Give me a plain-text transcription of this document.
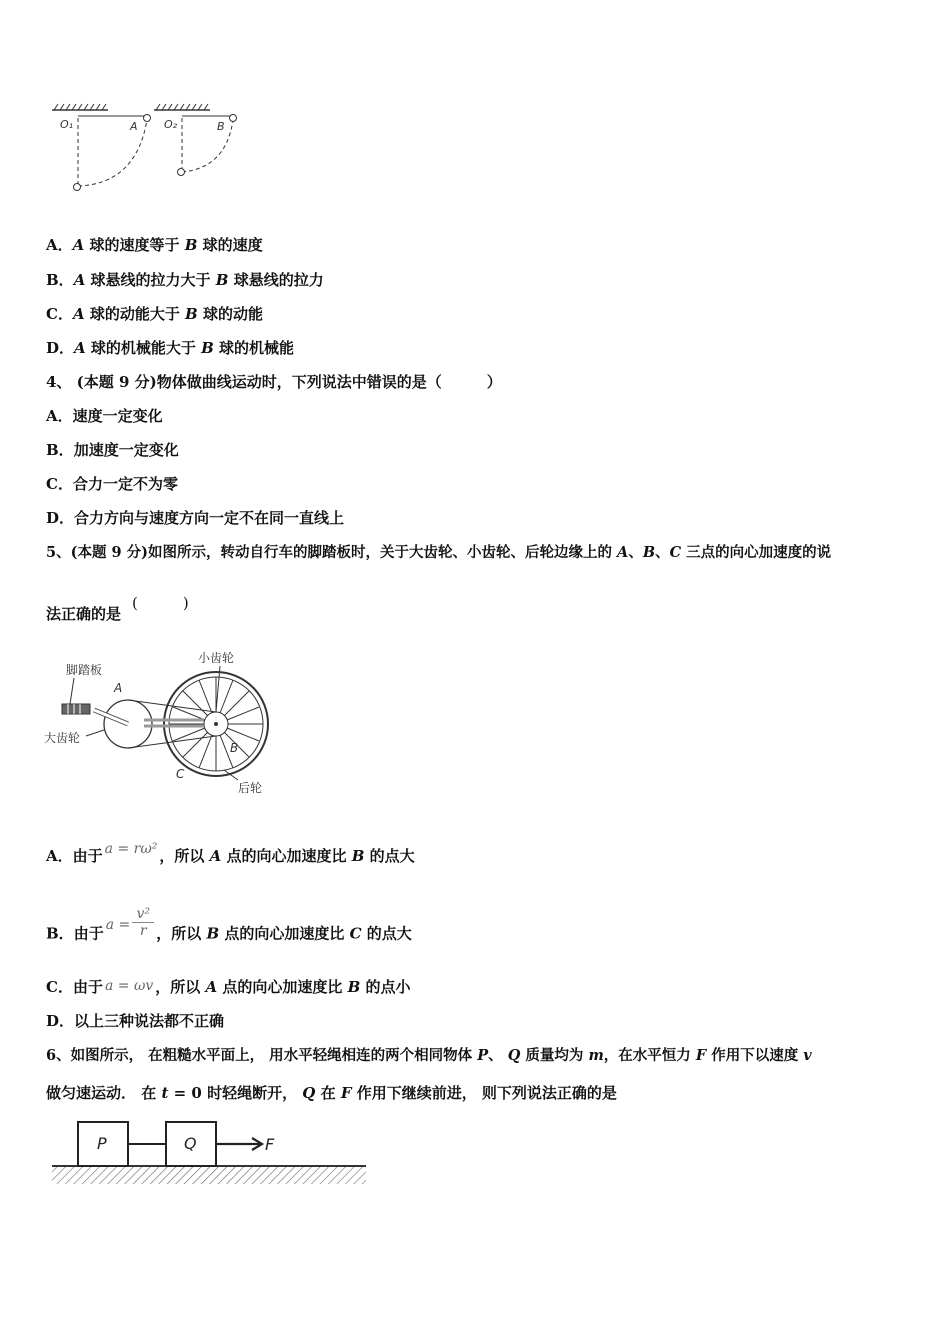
O₁	A O₂	B
A．A 球的速度等于 B 球的速度
B．A 球悬线的拉力大于 B 球悬线的拉力
C．A 球的动能大于 B 球的动能
D．A 球的机械能大于 B 球的机械能
4、 (本题 9 分)物体做曲线运动时，下列说法中错误的是（　　　）
A．速度一定变化
B．加速度一定变化
C．合力一定不为零
D．合力方向与速度方向一定不在同一直线上
5、(本题 9 分)如图所示，转动自行车的脚踏板时，关于大齿轮、小齿轮、后轮边缘上的 A、B、C 三点的向心加速度的说
法正确的是
(　　　)
脚踏板
小齿轮
大齿轮
后轮
A
B
C
A．由于 a = rω² ，所以 A 点的向心加速度比 B 的点大
B．由于 $a = \frac{\text{v²}}{r}$ ，所以 B 点的向心加速度比 C 的点大
C．由于 a = ωv ，所以 A 点的向心加速度比 B 的点小
D．以上三种说法都不正确
6、如图所示， 在粗糙水平面上， 用水平轻绳相连的两个相同物体 P、 Q 质量均为 m，在水平恒力 F 作用下以速度 v
做匀速运动． 在 t = 0 时轻绳断开， Q 在 F 作用下继续前进， 则下列说法正确的是
P	Q	F
